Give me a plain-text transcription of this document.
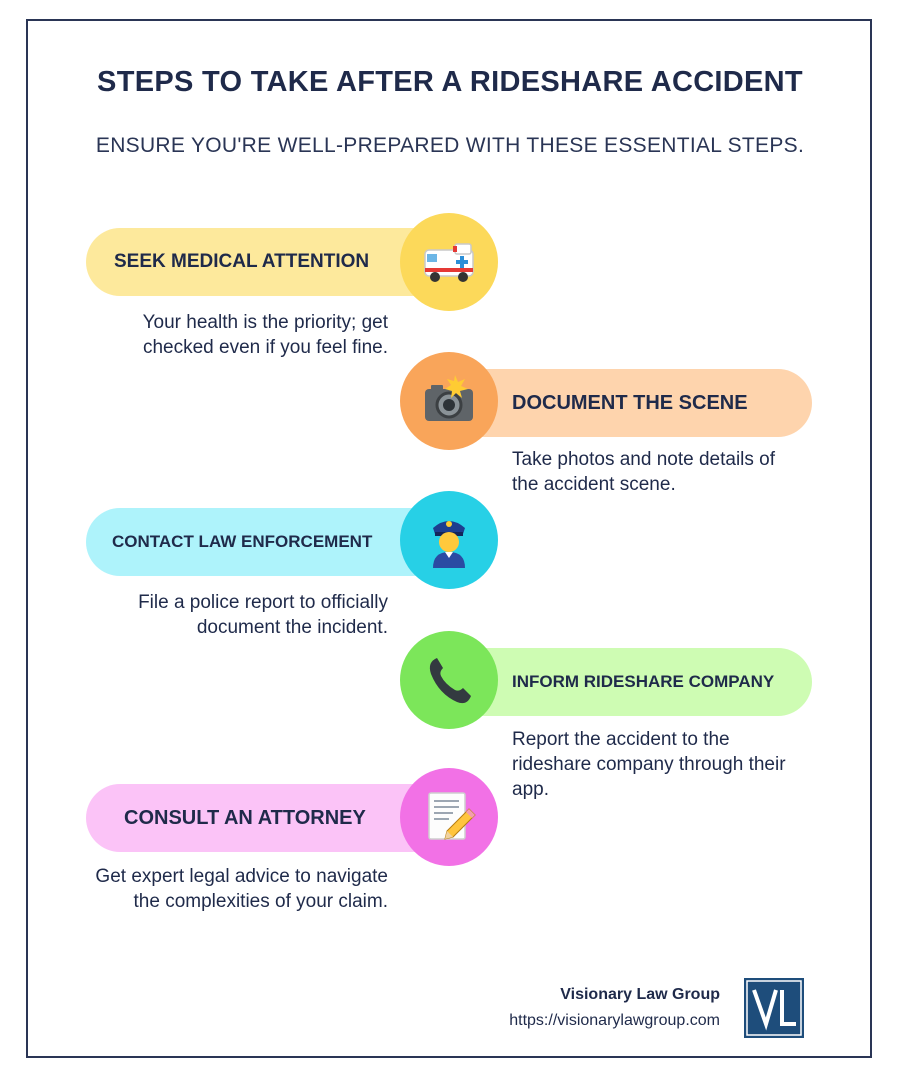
STEPS TO TAKE AFTER A RIDESHARE ACCIDENT
ENSURE YOU'RE WELL-PREPARED WITH THESE ESSENTIAL STEPS.
SEEK MEDICAL ATTENTION
Your health is the priority; get checked even if you feel fine.
DOCUMENT THE SCENE
Take photos and note details of the accident scene.
CONTACT LAW ENFORCEMENT
File a police report to officially document the incident.
INFORM RIDESHARE COMPANY
Report the accident to the rideshare company through their app.
CONSULT AN ATTORNEY
Get expert legal advice to navigate the complexities of your claim.
Visionary Law Group
https://visionarylawgroup.com
